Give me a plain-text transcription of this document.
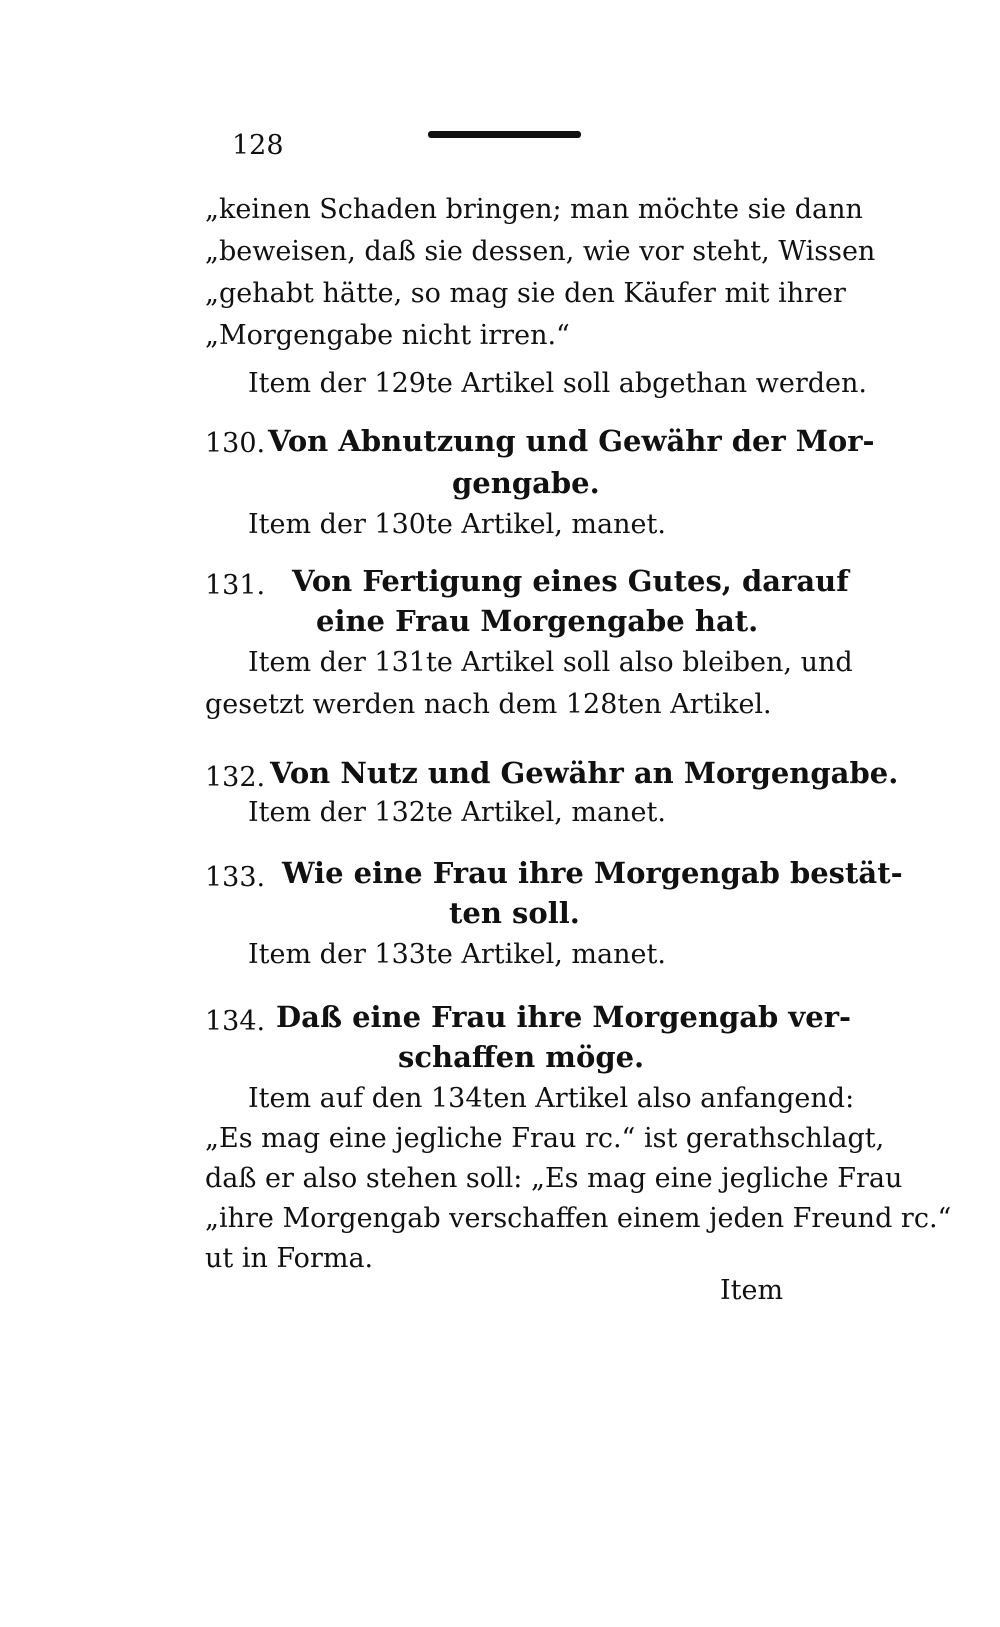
128
„keinen Schaden bringen; man möchte sie dann
„beweisen, daß sie dessen, wie vor steht, Wissen
„gehabt hätte, so mag sie den Käufer mit ihrer
„Morgengabe nicht irren.“
Item der 129te Artikel soll abgethan werden.
130. Von Abnutzung und Gewähr der Mor-
gengabe.
Item der 130te Artikel, manet.
131. Von Fertigung eines Gutes, darauf
eine Frau Morgengabe hat.
Item der 131te Artikel soll also bleiben, und
gesetzt werden nach dem 128ten Artikel.
132. Von Nutz und Gewähr an Morgengabe.
Item der 132te Artikel, manet.
133. Wie eine Frau ihre Morgengab bestät-
ten soll.
Item der 133te Artikel, manet.
134. Daß eine Frau ihre Morgengab ver-
schaffen möge.
Item auf den 134ten Artikel also anfangend:
„Es mag eine jegliche Frau rc.“ ist gerathschlagt,
daß er also stehen soll: „Es mag eine jegliche Frau
„ihre Morgengab verschaffen einem jeden Freund rc.“
ut in Forma.
Item
